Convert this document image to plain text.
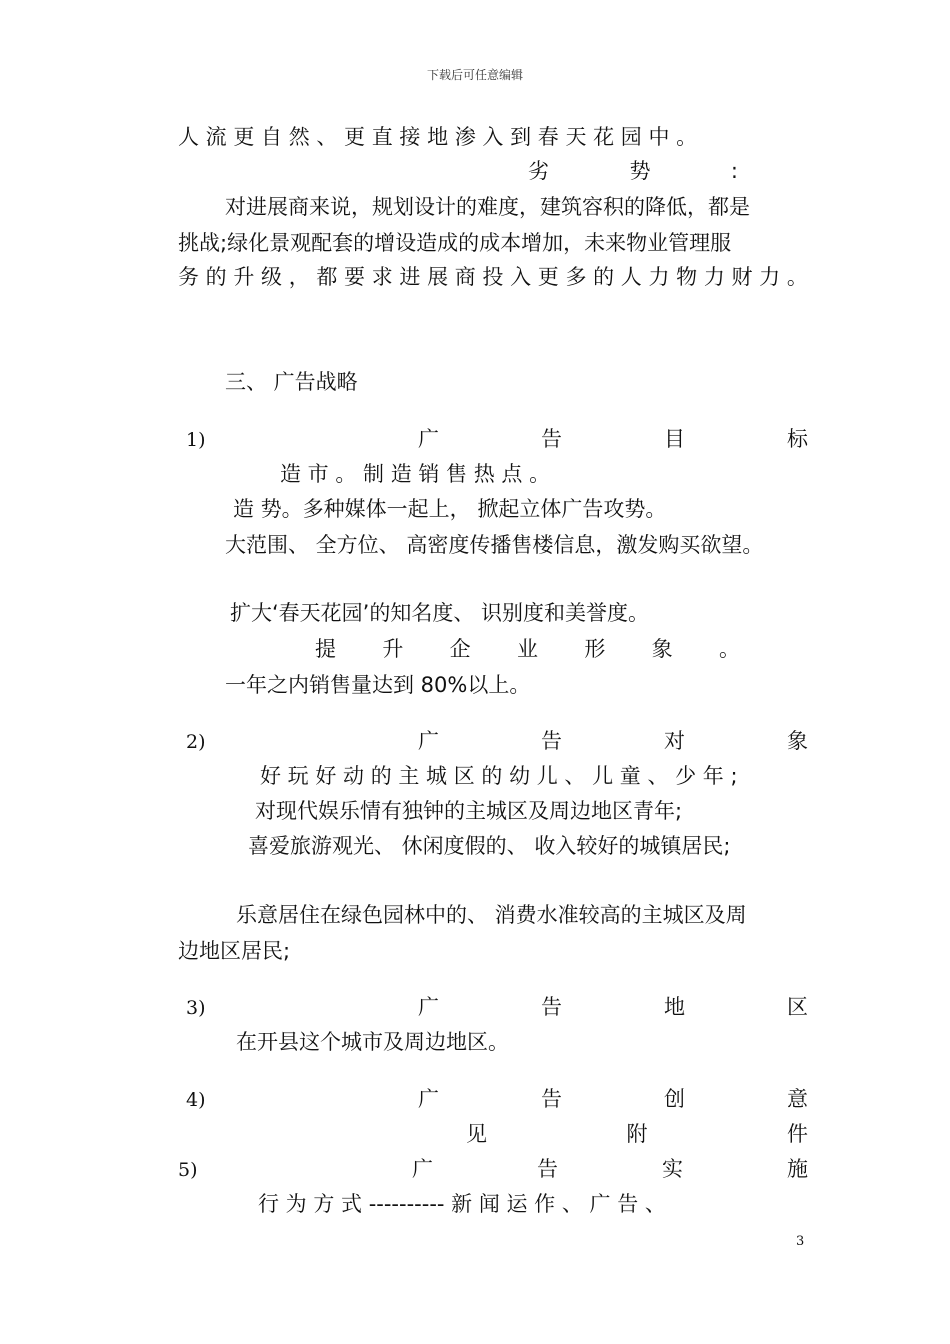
下载后可任意编辑
人 流 更 自 然 、 更 直 接 地 渗 入 到 春 天 花 园 中 。
劣	势	:
对进展商来说，规划设计的难度，建筑容积的降低，都是
挑战;绿化景观配套的增设造成的成本增加，未来物业管理服
务 的 升 级 ， 都 要 求 进 展 商 投 入 更 多 的 人 力 物 力 财 力 。
三、 广告战略
1)	广	告	目	标
造 市 。 制 造 销 售 热 点 。
造 势。多种媒体一起上， 掀起立体广告攻势。
大范围、 全方位、 高密度传播售楼信息，激发购买欲望。
扩大‘春天花园’的知名度、 识别度和美誉度。
提 升 企 业 形 象 。
一年之内销售量达到 80%以上。
2)	广	告	对	象
好 玩 好 动 的 主 城 区 的 幼 儿 、 儿 童 、 少 年 ;
对现代娱乐情有独钟的主城区及周边地区青年;
喜爱旅游观光、 休闲度假的、 收入较好的城镇居民;
乐意居住在绿色园林中的、 消费水准较高的主城区及周
边地区居民;
3)	广	告	地	区
在开县这个城市及周边地区。
4)	广	告	创	意
见	附	件
5)	广	告	实	施
行 为 方 式 ---------- 新 闻 运 作 、 广 告 、
3
